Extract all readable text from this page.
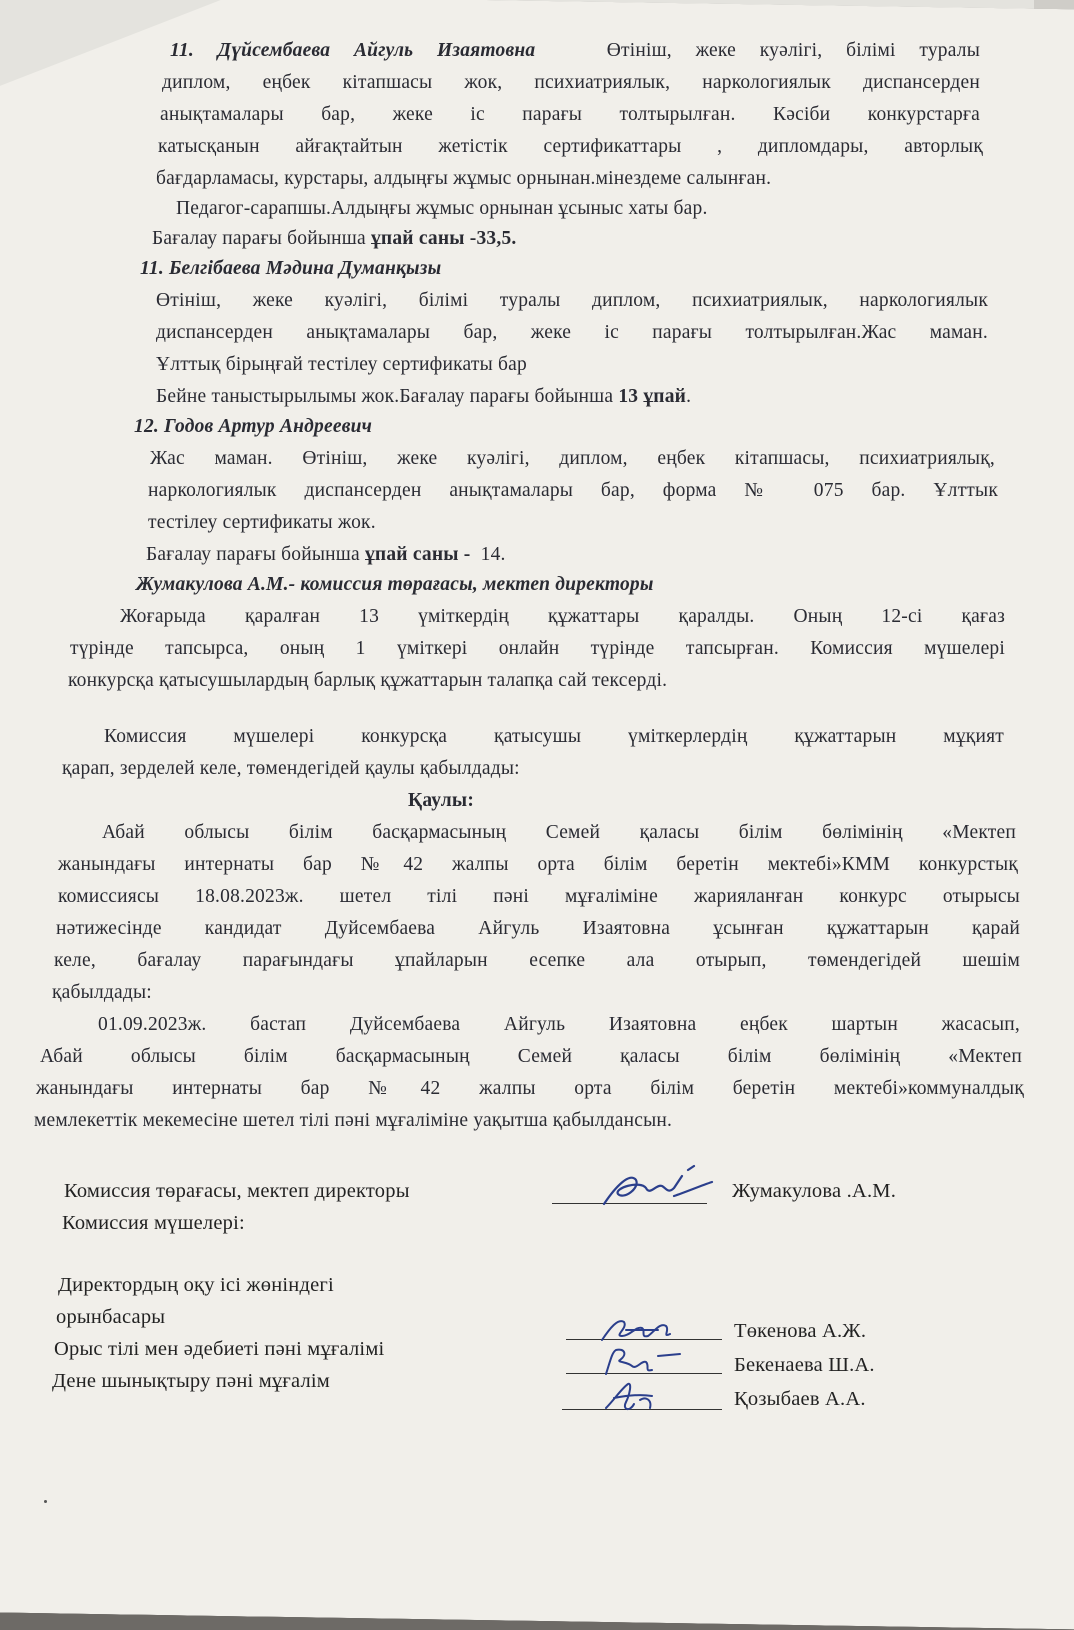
11. Дүйсембаева Айгуль Изаятовна	Өтініш, жеке куәлігі, білімі туралы
диплом, еңбек кітапшасы жок, психиатриялык, наркологиялык диспансерден
анықтамалары бар, жеке іс парағы толтырылған. Кәсіби конкурстарға
катысқанын айғақтайтын жетістік сертификаттары , дипломдары, авторлық
бағдарламасы, курстары, алдыңғы жұмыс орнынан.мінездеме салынған.
Педагог-сарапшы.Алдыңғы жұмыс орнынан ұсыныс хаты бар.
Бағалау парағы бойынша ұпай саны -33,5.
11. Белгібаева Мәдина Думанқызы
Өтініш, жеке куәлігі, білімі туралы диплом, психиатриялык, наркологиялык
диспансерден анықтамалары бар, жеке іс парағы толтырылған.Жас маман.
Ұлттық бірыңғай тестілеу сертификаты бар
Бейне таныстырылымы жок.Бағалау парағы бойынша 13 ұпай.
12. Годов Артур Андреевич
Жас маман. Өтініш, жеке куәлігі, диплом, еңбек кітапшасы, психиатриялық,
наркологиялык диспансерден анықтамалары бар, форма № 075 бар. Ұлттык
тестілеу сертификаты жок.
Бағалау парағы бойынша ұпай саны - 14.
Жумакулова А.М.- комиссия төрағасы, мектеп директоры
Жоғарыда қаралған 13 үміткердің құжаттары қаралды. Оның 12-сі қағаз
түрінде тапсырса, оның 1 үміткері онлайн түрінде тапсырған. Комиссия мүшелері
конкурсқа қатысушылардың барлық құжаттарын талапқа сай тексерді.
Комиссия мүшелері конкурсқа қатысушы үміткерлердің құжаттарын мұқият
қарап, зерделей келе, төмендегідей қаулы қабылдады:
Қаулы:
Абай облысы білім басқармасының Семей қаласы білім бөлімінің «Мектеп
жанындағы интернаты бар №42 жалпы орта білім беретін мектебі»КММ конкурстық
комиссиясы 18.08.2023ж. шетел тілі пәні мұғаліміне жарияланған конкурс отырысы
нәтижесінде кандидат Дуйсембаева Айгуль Изаятовна ұсынған құжаттарын қарай
келе, бағалау парағындағы ұпайларын есепке ала отырып, төмендегідей шешім
қабылдады:
01.09.2023ж. бастап Дуйсембаева Айгуль Изаятовна еңбек шартын жасасып,
Абай облысы білім басқармасының Семей қаласы білім бөлімінің «Мектеп
жанындағы интернаты бар №42 жалпы орта білім беретін мектебі»коммуналдық
мемлекеттік мекемесіне шетел тілі пәні мұғаліміне уақытша қабылдансын.
Комиссия төрағасы, мектеп директоры	Жумакулова .А.М.
Комиссия мүшелері:
Директордың оқу ісі жөніндегі
орынбасары
Төкенова А.Ж.
Орыс тілі мен әдебиеті пәні мұғалімі
Бекенаева Ш.А.
Дене шынықтыру пәні мұғалім
Қозыбаев А.А.
